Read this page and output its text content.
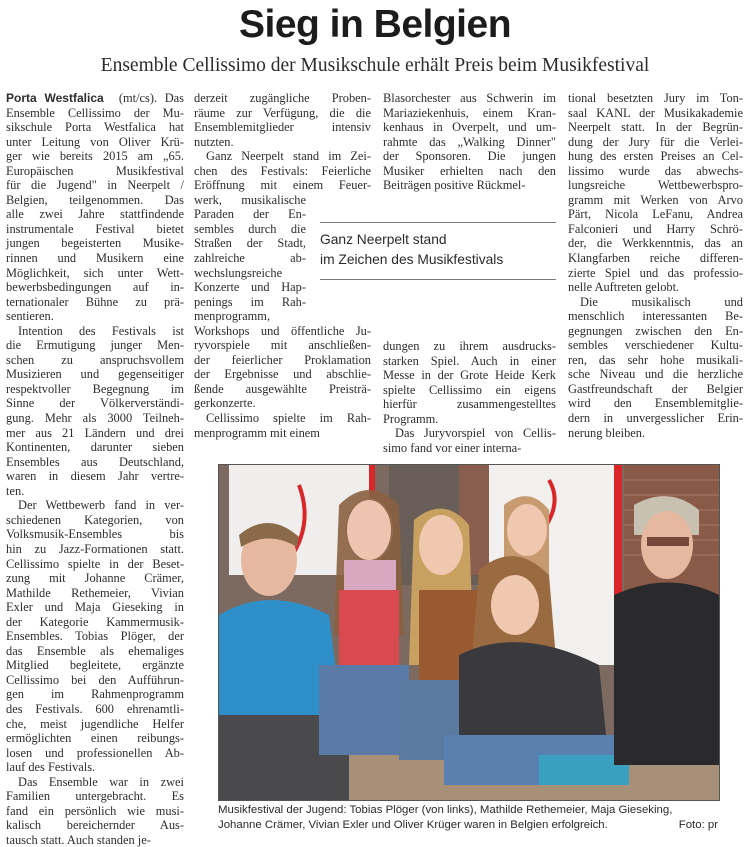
Sieg in Belgien
Ensemble Cellissimo der Musikschule erhält Preis beim Musikfestival
Porta Westfalica (mt/cs). Das
Ensemble Cellissimo der Mu-
sikschule Porta Westfalica hat
unter Leitung von Oliver Krü-
ger wie bereits 2015 am „65.
Europäischen Musikfestival
für die Jugend" in Neerpelt /
Belgien, teilgenommen. Das
alle zwei Jahre stattfindende
instrumentale Festival bietet
jungen begeisterten Musike-
rinnen und Musikern eine
Möglichkeit, sich unter Wett-
bewerbsbedingungen auf in-
ternationaler Bühne zu prä-
sentieren.
Intention des Festivals ist
die Ermutigung junger Men-
schen zu anspruchsvollem
Musizieren und gegenseitiger
respektvoller Begegnung im
Sinne der Völkerverständi-
gung. Mehr als 3000 Teilneh-
mer aus 21 Ländern und drei
Kontinenten, darunter sieben
Ensembles aus Deutschland,
waren in diesem Jahr vertre-
ten.
Der Wettbewerb fand in ver-
schiedenen Kategorien, von
Volksmusik-Ensembles bis
hin zu Jazz-Formationen statt.
Cellissimo spielte in der Beset-
zung mit Johanne Crämer,
Mathilde Rethemeier, Vivian
Exler und Maja Gieseking in
der Kategorie Kammermusik-
Ensembles. Tobias Plöger, der
das Ensemble als ehemaliges
Mitglied begleitete, ergänzte
Cellissimo bei den Aufführun-
gen im Rahmenprogramm
des Festivals. 600 ehrenamtli-
che, meist jugendliche Helfer
ermöglichten einen reibungs-
losen und professionellen Ab-
lauf des Festivals.
Das Ensemble war in zwei
Familien untergebracht. Es
fand ein persönlich wie musi-
kalisch bereichernder Aus-
tausch statt. Auch standen je-
derzeit zugängliche Proben-
räume zur Verfügung, die die
Ensemblemitglieder intensiv
nutzten.
Ganz Neerpelt stand im Zei-
chen des Festivals: Feierliche
Eröffnung mit einem Feuer-
werk, musikalische
Paraden der En-
sembles durch die
Straßen der Stadt,
zahlreiche ab-
wechslungsreiche
Konzerte und Hap-
penings im Rah-
menprogramm,
Workshops und öffentliche Ju-
ryvorspiele mit anschließen-
der feierlicher Proklamation
der Ergebnisse und abschlie-
ßende ausgewählte Preisträ-
gerkonzerte.
Cellissimo spielte im Rah-
menprogramm mit einem
Ganz Neerpelt stand
im Zeichen des Musikfestivals
Blasorchester aus Schwerin im
Mariaziekenhuis, einem Kran-
kenhaus in Overpelt, und um-
rahmte das „Walking Dinner"
der Sponsoren. Die jungen
Musiker erhielten nach den
Beiträgen positive Rückmel-
dungen zu ihrem ausdrucks-
starken Spiel. Auch in einer
Messe in der Grote Heide Kerk
spielte Cellissimo ein eigens
hierfür zusammengestelltes
Programm.
Das Juryvorspiel von Cellis-
simo fand vor einer interna-
tional besetzten Jury im Ton-
saal KANL der Musikakademie
Neerpelt statt. In der Begrün-
dung der Jury für die Verlei-
hung des ersten Preises an Cel-
lissimo wurde das abwechs-
lungsreiche Wettbewerbspro-
gramm mit Werken von Arvo
Pärt, Nicola LeFanu, Andrea
Falconieri und Harry Schrö-
der, die Werkkenntnis, das an
Klangfarben reiche differen-
zierte Spiel und das professio-
nelle Auftreten gelobt.
Die musikalisch und
menschlich interessanten Be-
gegnungen zwischen den En-
sembles verschiedener Kultu-
ren, das sehr hohe musikali-
sche Niveau und die herzliche
Gastfreundschaft der Belgier
wird den Ensemblemitglie-
dern in unvergesslicher Erin-
nerung bleiben.
Musikfestival der Jugend: Tobias Plöger (von links), Mathilde Rethemeier, Maja Gieseking,
Johanne Crämer, Vivian Exler und Oliver Krüger waren in Belgien erfolgreich.	Foto: pr
